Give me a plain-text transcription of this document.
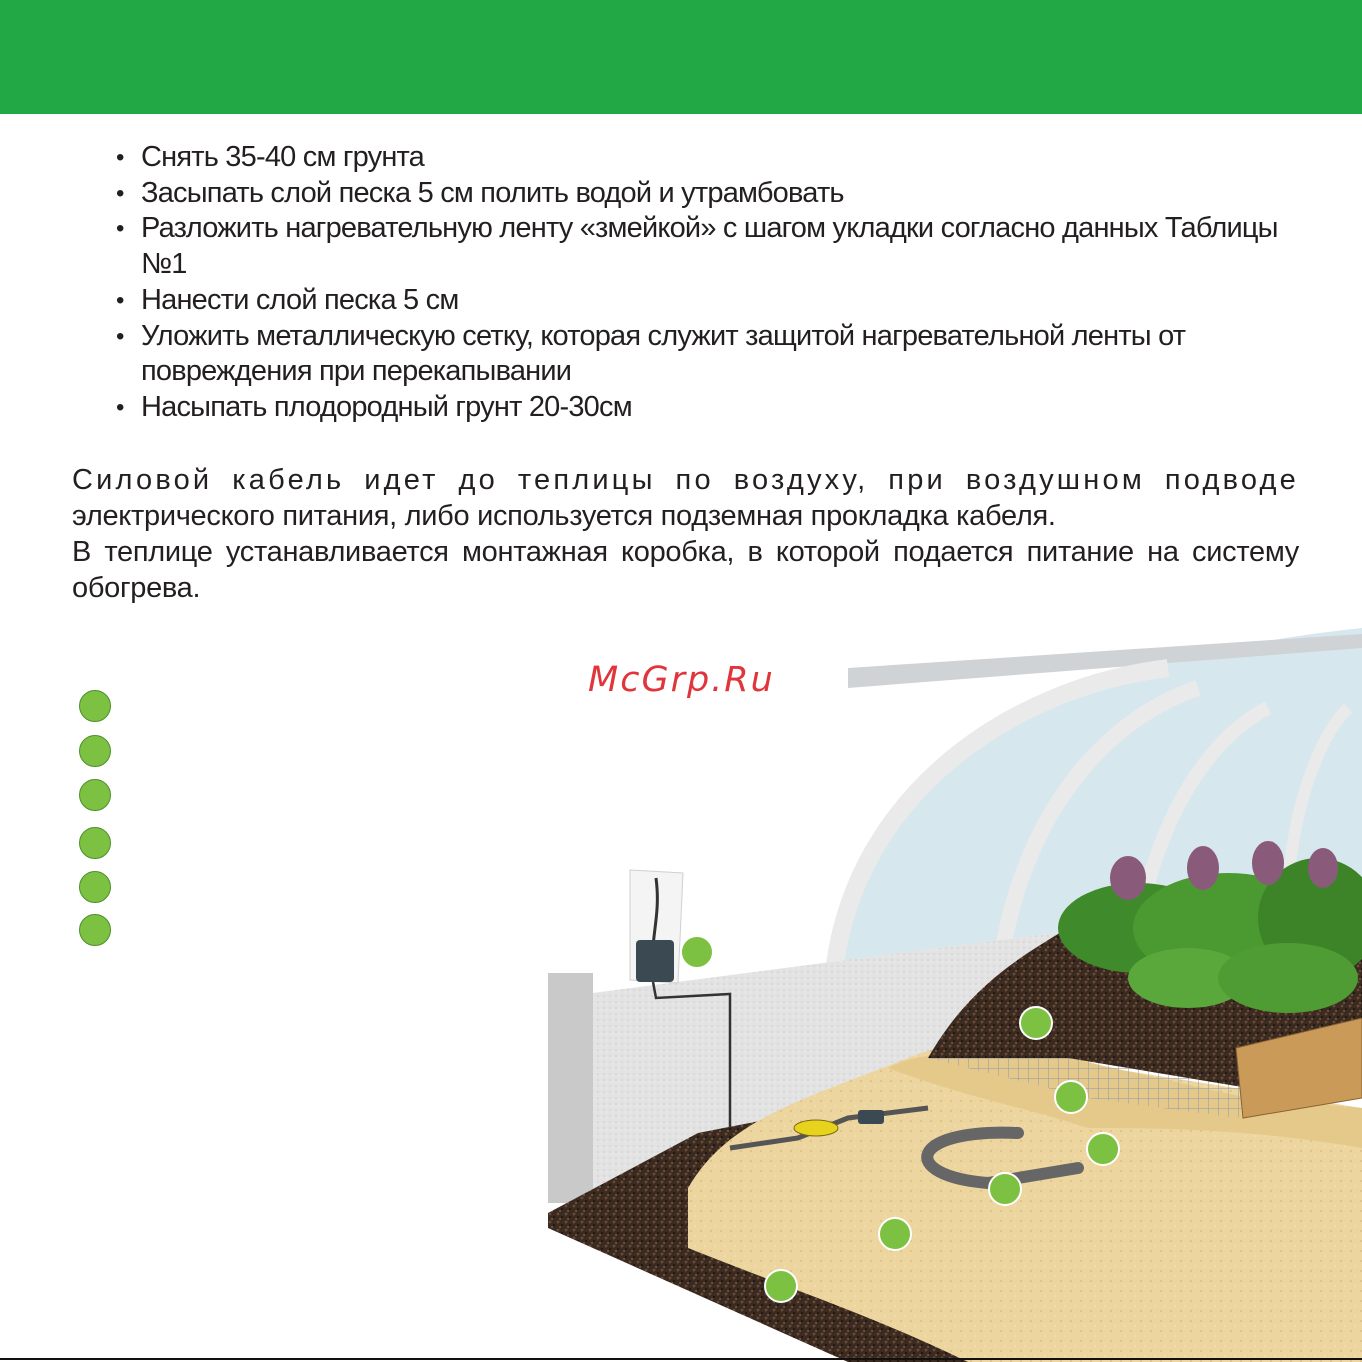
• Снять 35-40 см грунта
• Засыпать слой песка 5 см полить водой и утрамбовать
• Разложить нагревательную ленту «змейкой» с шагом укладки согласно данных Таблицы №1
• Нанести слой песка 5 см
• Уложить металлическую сетку, которая служит защитой нагревательной ленты от повреждения при перекапывании
• Насыпать плодородный грунт 20-30см

Силовой кабель идет до теплицы по воздуху, при воздушном подводе электрического питания, либо используется подземная прокладка кабеля.

В теплице устанавливается монтажная коробка, в которой подается питание на систему обогрева.

McGrp.Ru
